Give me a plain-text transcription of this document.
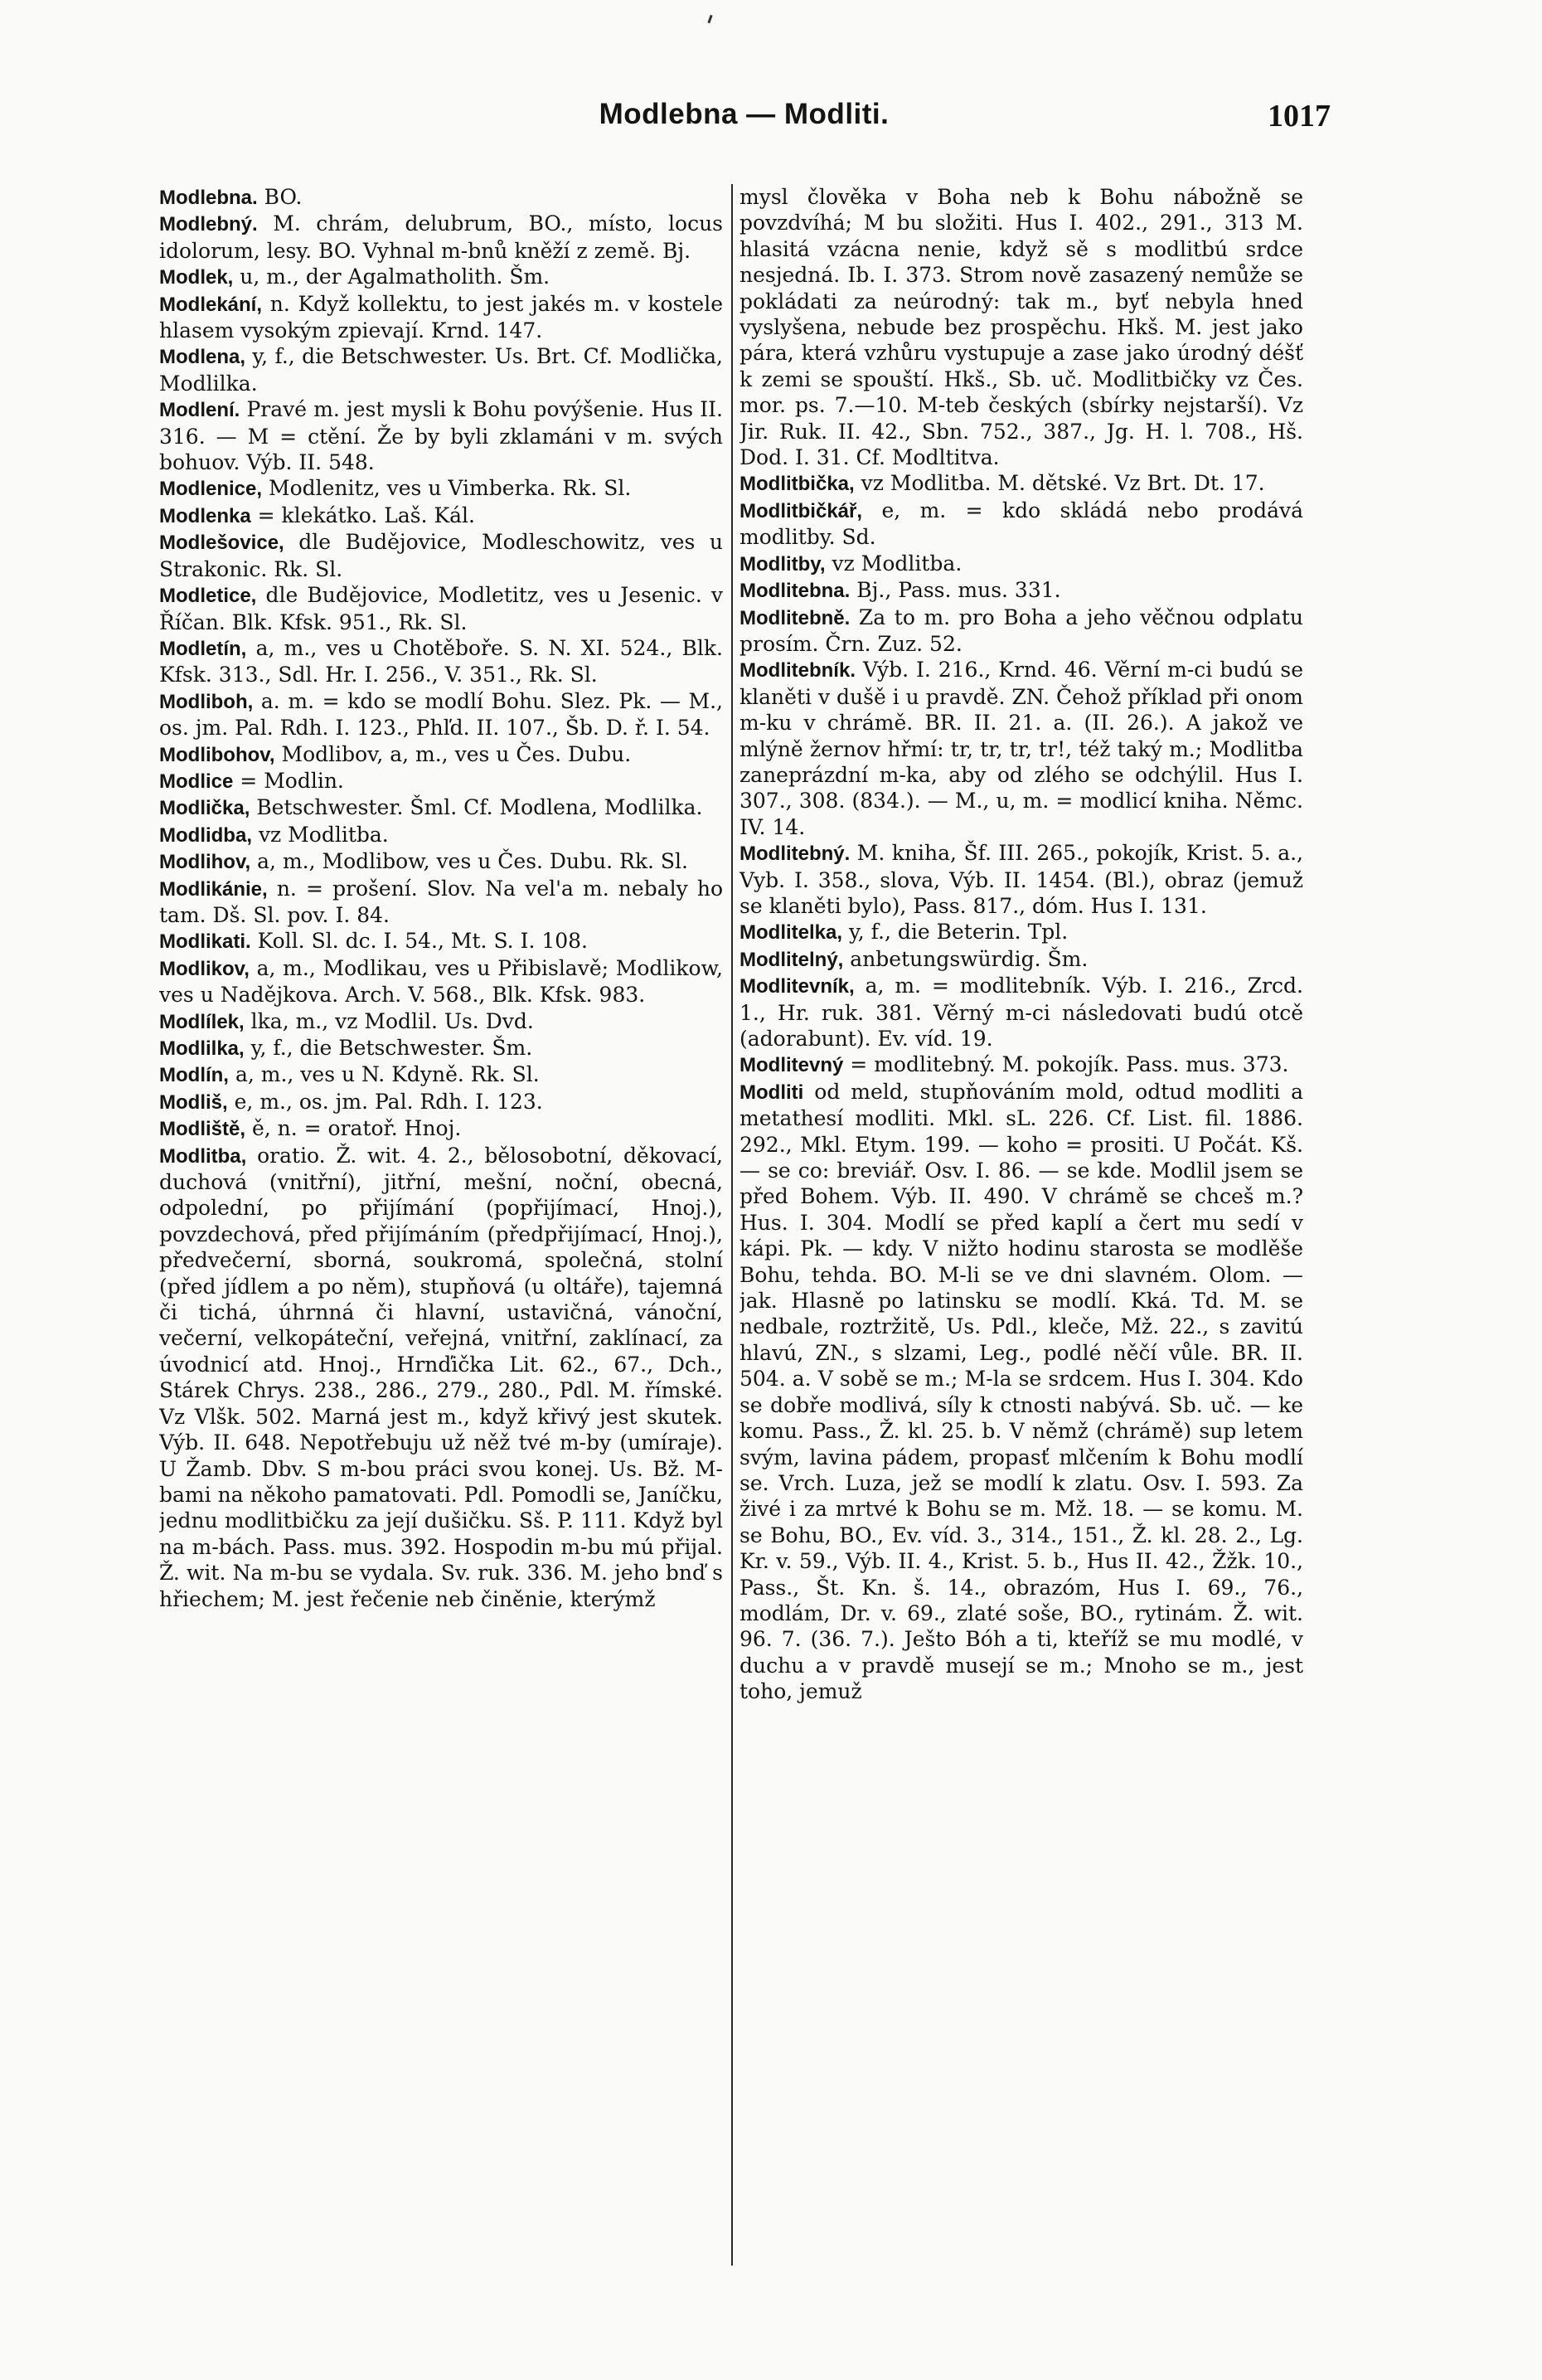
Modlebna — Modliti.	1017

Modlebna. BO.

Modlebný. M. chrám, delubrum, BO., místo, locus idolorum, lesy. BO. Vyhnal m-bnů kněží z země. Bj.

Modlek, u, m., der Agalmatholith. Šm.

Modlekání, n. Když kollektu, to jest jakés m. v kostele hlasem vysokým zpievají. Krnd. 147.

Modlena, y, f., die Betschwester. Us. Brt. Cf. Modlička, Modlilka.

Modlení. Pravé m. jest mysli k Bohu povýšenie. Hus II. 316. — M = ctění. Že by byli zklamáni v m. svých bohuov. Výb. II. 548.

Modlenice, Modlenitz, ves u Vimberka. Rk. Sl.

Modlenka = klekátko. Laš. Kál.

Modlešovice, dle Budějovice, Modleschowitz, ves u Strakonic. Rk. Sl.

Modletice, dle Budějovice, Modletitz, ves u Jesenic. v Říčan. Blk. Kfsk. 951., Rk. Sl.

Modletín, a, m., ves u Chotěboře. S. N. XI. 524., Blk. Kfsk. 313., Sdl. Hr. I. 256., V. 351., Rk. Sl.

Modliboh, a. m. = kdo se modlí Bohu. Slez. Pk. — M., os. jm. Pal. Rdh. I. 123., Phľd. II. 107., Šb. D. ř. I. 54.

Modlibohov, Modlibov, a, m., ves u Čes. Dubu.

Modlice = Modlin.

Modlička, Betschwester. Šml. Cf. Modlena, Modlilka.

Modlidba, vz Modlitba.

Modlihov, a, m., Modlibow, ves u Čes. Dubu. Rk. Sl.

Modlikánie, n. = prošení. Slov. Na vel'a m. nebaly ho tam. Dš. Sl. pov. I. 84.

Modlikati. Koll. Sl. dc. I. 54., Mt. S. I. 108.

Modlikov, a, m., Modlikau, ves u Přibislavě; Modlikow, ves u Nadějkova. Arch. V. 568., Blk. Kfsk. 983.

Modlílek, lka, m., vz Modlil. Us. Dvd.

Modlilka, y, f., die Betschwester. Šm.

Modlín, a, m., ves u N. Kdyně. Rk. Sl.

Modliš, e, m., os. jm. Pal. Rdh. I. 123.

Modliště, ě, n. = oratoř. Hnoj.

Modlitba, oratio. Ž. wit. 4. 2., bělosobotní, děkovací, duchová (vnitřní), jitřní, mešní, noční, obecná, odpolední, po přijímání (popřijímací, Hnoj.), povzdechová, před přijímáním (předpřijímací, Hnoj.), předvečerní, sborná, soukromá, společná, stolní (před jídlem a po něm), stupňová (u oltáře), tajemná či tichá, úhrnná či hlavní, ustavičná, vánoční, večerní, velkopáteční, veřejná, vnitřní, zaklínací, za úvodnicí atd. Hnoj., Hrnďička Lit. 62., 67., Dch., Stárek Chrys. 238., 286., 279., 280., Pdl. M. římské. Vz Vlšk. 502. Marná jest m., když křivý jest skutek. Výb. II. 648. Nepotřebuju už něž tvé m-by (umíraje). U Žamb. Dbv. S m-bou práci svou konej. Us. Bž. M-bami na někoho pamatovati. Pdl. Pomodli se, Janíčku, jednu modlitbičku za její dušičku. Sš. P. 111. Když byl na m-bách. Pass. mus. 392. Hospodin m-bu mú přijal. Ž. wit. Na m-bu se vydala. Sv. ruk. 336. M. jeho bnď s hřiechem; M. jest řečenie neb činěnie, kterýmž

mysl člověka v Boha neb k Bohu nábožně se povzdvíhá; M bu složiti. Hus I. 402., 291., 313 M. hlasitá vzácna nenie, když sě s modlitbú srdce nesjedná. Ib. I. 373. Strom nově zasazený nemůže se pokládati za neúrodný: tak m., byť nebyla hned vyslyšena, nebude bez prospěchu. Hkš. M. jest jako pára, která vzhůru vystupuje a zase jako úrodný déšť k zemi se spouští. Hkš., Sb. uč. Modlitbičky vz Čes. mor. ps. 7.—10. M-teb českých (sbírky nejstarší). Vz Jir. Ruk. II. 42., Sbn. 752., 387., Jg. H. l. 708., Hš. Dod. I. 31. Cf. Modltitva.

Modlitbička, vz Modlitba. M. dětské. Vz Brt. Dt. 17.

Modlitbičkář, e, m. = kdo skládá nebo prodává modlitby. Sd.

Modlitby, vz Modlitba.

Modlitebna. Bj., Pass. mus. 331.

Modlitebně. Za to m. pro Boha a jeho věčnou odplatu prosím. Črn. Zuz. 52.

Modlitebník. Výb. I. 216., Krnd. 46. Věrní m-ci budú se klaněti v dušě i u pravdě. ZN. Čehož příklad při onom m-ku v chrámě. BR. II. 21. a. (II. 26.). A jakož ve mlýně žernov hřmí: tr, tr, tr, tr!, též taký m.; Modlitba zaneprázdní m-ka, aby od zlého se odchýlil. Hus I. 307., 308. (834.). — M., u, m. = modlicí kniha. Němc. IV. 14.

Modlitebný. M. kniha, Šf. III. 265., pokojík, Krist. 5. a., Vyb. I. 358., slova, Výb. II. 1454. (Bl.), obraz (jemuž se klaněti bylo), Pass. 817., dóm. Hus I. 131.

Modlitelka, y, f., die Beterin. Tpl.

Modlitelný, anbetungswürdig. Šm.

Modlitevník, a, m. = modlitebník. Výb. I. 216., Zrcd. 1., Hr. ruk. 381. Věrný m-ci následovati budú otcě (adorabunt). Ev. víd. 19.

Modlitevný = modlitebný. M. pokojík. Pass. mus. 373.

Modliti od meld, stupňováním mold, odtud modliti a metathesí modliti. Mkl. sL. 226. Cf. List. fil. 1886. 292., Mkl. Etym. 199. — koho = prositi. U Počát. Kš. — se co: breviář. Osv. I. 86. — se kde. Modlil jsem se před Bohem. Výb. II. 490. V chrámě se chceš m.? Hus. I. 304. Modlí se před kaplí a čert mu sedí v kápi. Pk. — kdy. V nižto hodinu starosta se modlěše Bohu, tehda. BO. M-li se ve dni slavném. Olom. — jak. Hlasně po latinsku se modlí. Kká. Td. M. se nedbale, roztržitě, Us. Pdl., kleče, Mž. 22., s zavitú hlavú, ZN., s slzami, Leg., podlé něčí vůle. BR. II. 504. a. V sobě se m.; M-la se srdcem. Hus I. 304. Kdo se dobře modlivá, síly k ctnosti nabývá. Sb. uč. — ke komu. Pass., Ž. kl. 25. b. V němž (chrámě) sup letem svým, lavina pádem, propasť mlčením k Bohu modlí se. Vrch. Luza, jež se modlí k zlatu. Osv. I. 593. Za živé i za mrtvé k Bohu se m. Mž. 18. — se komu. M. se Bohu, BO., Ev. víd. 3., 314., 151., Ž. kl. 28. 2., Lg. Kr. v. 59., Výb. II. 4., Krist. 5. b., Hus II. 42., Žžk. 10., Pass., Št. Kn. š. 14., obrazóm, Hus I. 69., 76., modlám, Dr. v. 69., zlaté soše, BO., rytinám. Ž. wit. 96. 7. (36. 7.). Ješto Bóh a ti, kteříž se mu modlé, v duchu a v pravdě musejí se m.; Mnoho se m., jest toho, jemuž
